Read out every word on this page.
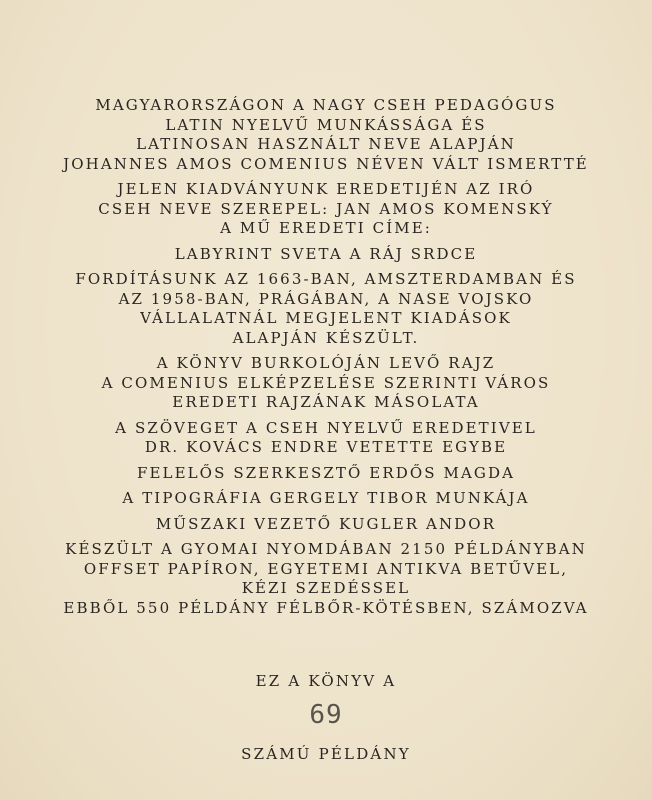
MAGYARORSZÁGON A NAGY CSEH PEDAGÓGUS
LATIN NYELVŰ MUNKÁSSÁGA ÉS
LATINOSAN HASZNÁLT NEVE ALAPJÁN
JOHANNES AMOS COMENIUS NÉVEN VÁLT ISMERTTÉ
JELEN KIADVÁNYUNK EREDETIJÉN AZ IRÓ
CSEH NEVE SZEREPEL: JAN AMOS KOMENSKÝ
A MŰ EREDETI CÍME:
LABYRINT SVETA A RÁJ SRDCE
FORDÍTÁSUNK AZ 1663-BAN, AMSZTERDAMBAN ÉS
AZ 1958-BAN, PRÁGÁBAN, A NASE VOJSKO
VÁLLALATNÁL MEGJELENT KIADÁSOK
ALAPJÁN KÉSZÜLT.
A KÖNYV BURKOLÓJÁN LEVŐ RAJZ
A COMENIUS ELKÉPZELÉSE SZERINTI VÁROS
EREDETI RAJZÁNAK MÁSOLATA
A SZÖVEGET A CSEH NYELVŰ EREDETIVEL
DR. KOVÁCS ENDRE VETETTE EGYBE
FELELŐS SZERKESZTŐ ERDŐS MAGDA
A TIPOGRÁFIA GERGELY TIBOR MUNKÁJA
MŰSZAKI VEZETŐ KUGLER ANDOR
KÉSZÜLT A GYOMAI NYOMDÁBAN 2150 PÉLDÁNYBAN
OFFSET PAPÍRON, EGYETEMI ANTIKVA BETŰVEL,
KÉZI SZEDÉSSEL
EBBŐL 550 PÉLDÁNY FÉLBŐR-KÖTÉSBEN, SZÁMOZVA
EZ A KÖNYV A
69
SZÁMÚ PÉLDÁNY
